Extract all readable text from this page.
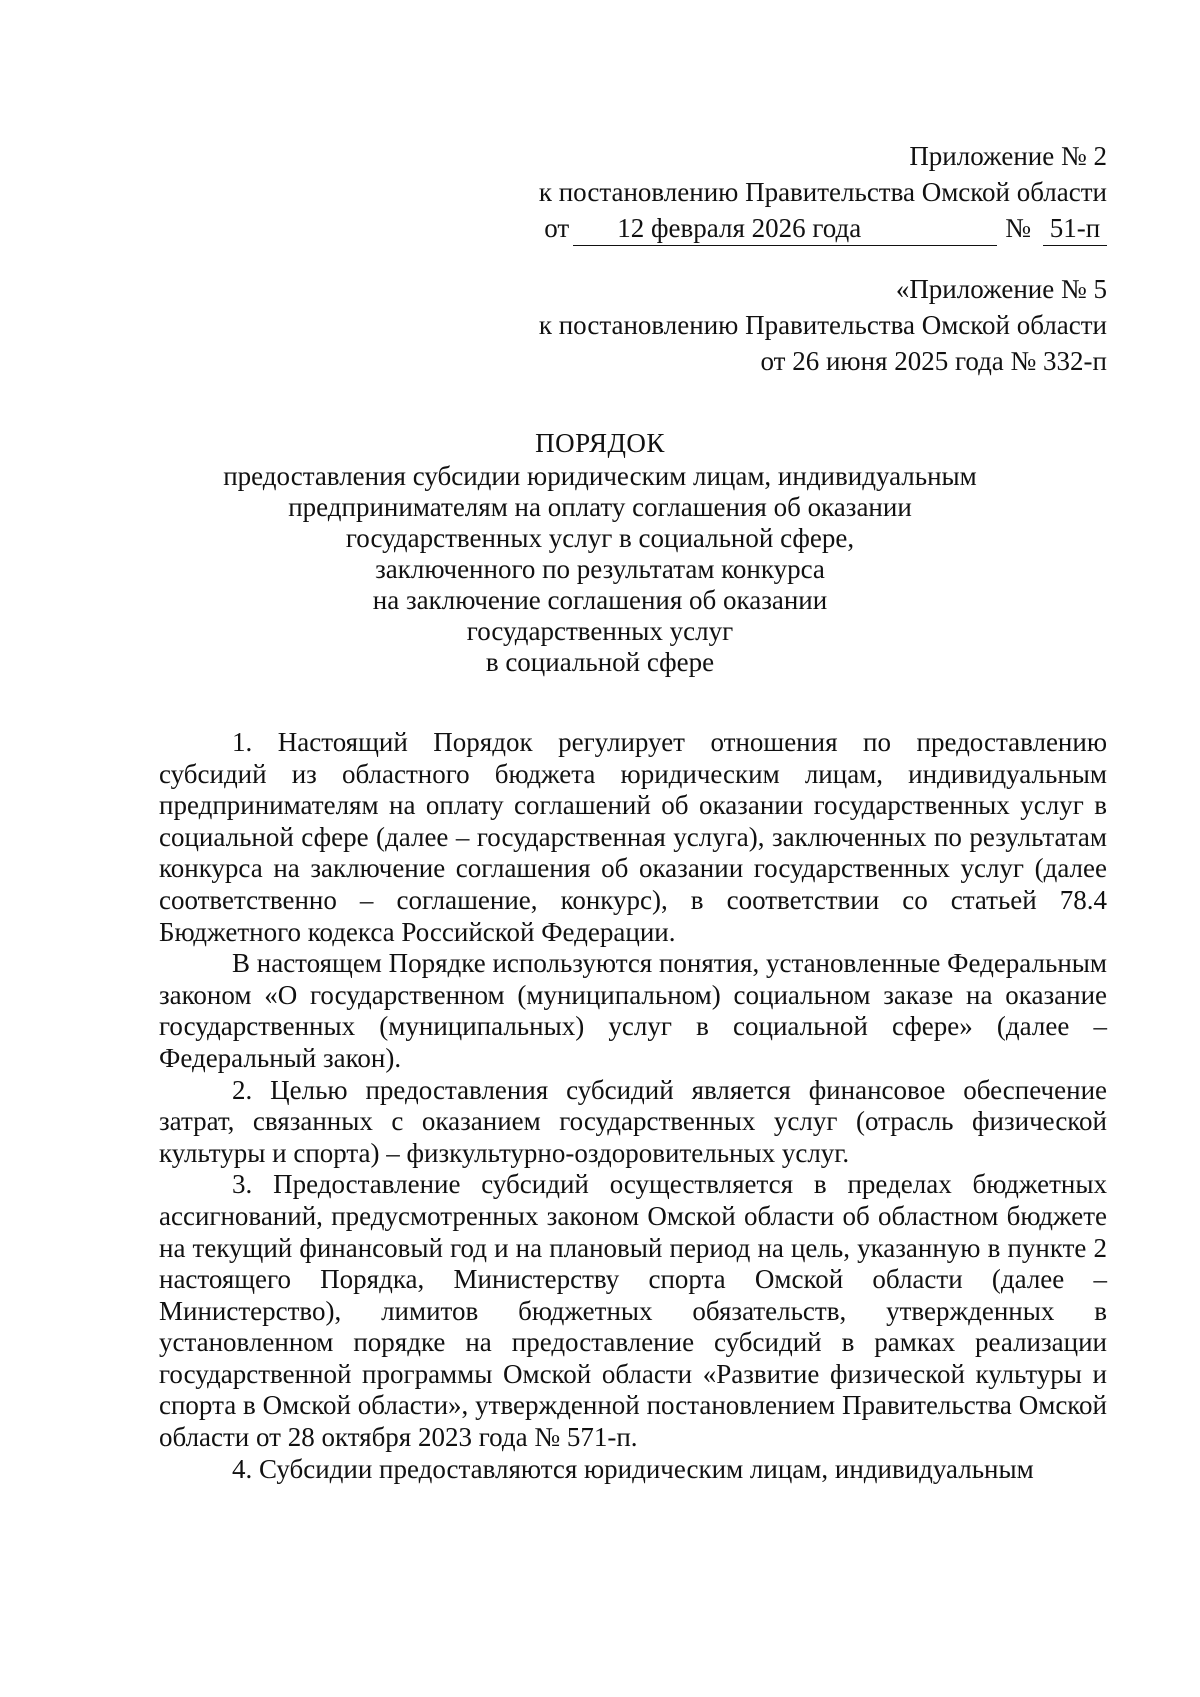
Приложение № 2
к постановлению Правительства Омской области
от	12 февраля 2026 года	№ 51-п
«Приложение № 5
к постановлению Правительства Омской области
от 26 июня 2025 года № 332-п
ПОРЯДОК
предоставления субсидии юридическим лицам, индивидуальным
предпринимателям на оплату соглашения об оказании
государственных услуг в социальной сфере,
заключенного по результатам конкурса
на заключение соглашения об оказании
государственных услуг
в социальной сфере

1. Настоящий Порядок регулирует отношения по предоставлению субсидий из областного бюджета юридическим лицам, индивидуальным предпринимателям на оплату соглашений об оказании государственных услуг в социальной сфере (далее – государственная услуга), заключенных по результатам конкурса на заключение соглашения об оказании государственных услуг (далее соответственно – соглашение, конкурс), в соответствии со статьей 78.4 Бюджетного кодекса Российской Федерации.

В настоящем Порядке используются понятия, установленные Федеральным законом «О государственном (муниципальном) социальном заказе на оказание государственных (муниципальных) услуг в социальной сфере» (далее – Федеральный закон).

2. Целью предоставления субсидий является финансовое обеспечение затрат, связанных с оказанием государственных услуг (отрасль физической культуры и спорта) – физкультурно-оздоровительных услуг.

3. Предоставление субсидий осуществляется в пределах бюджетных ассигнований, предусмотренных законом Омской области об областном бюджете на текущий финансовый год и на плановый период на цель, указанную в пункте 2 настоящего Порядка, Министерству спорта Омской области (далее – Министерство), лимитов бюджетных обязательств, утвержденных в установленном порядке на предоставление субсидий в рамках реализации государственной программы Омской области «Развитие физической культуры и спорта в Омской области», утвержденной постановлением Правительства Омской области от 28 октября 2023 года № 571-п.

4. Субсидии предоставляются юридическим лицам, индивидуальным
